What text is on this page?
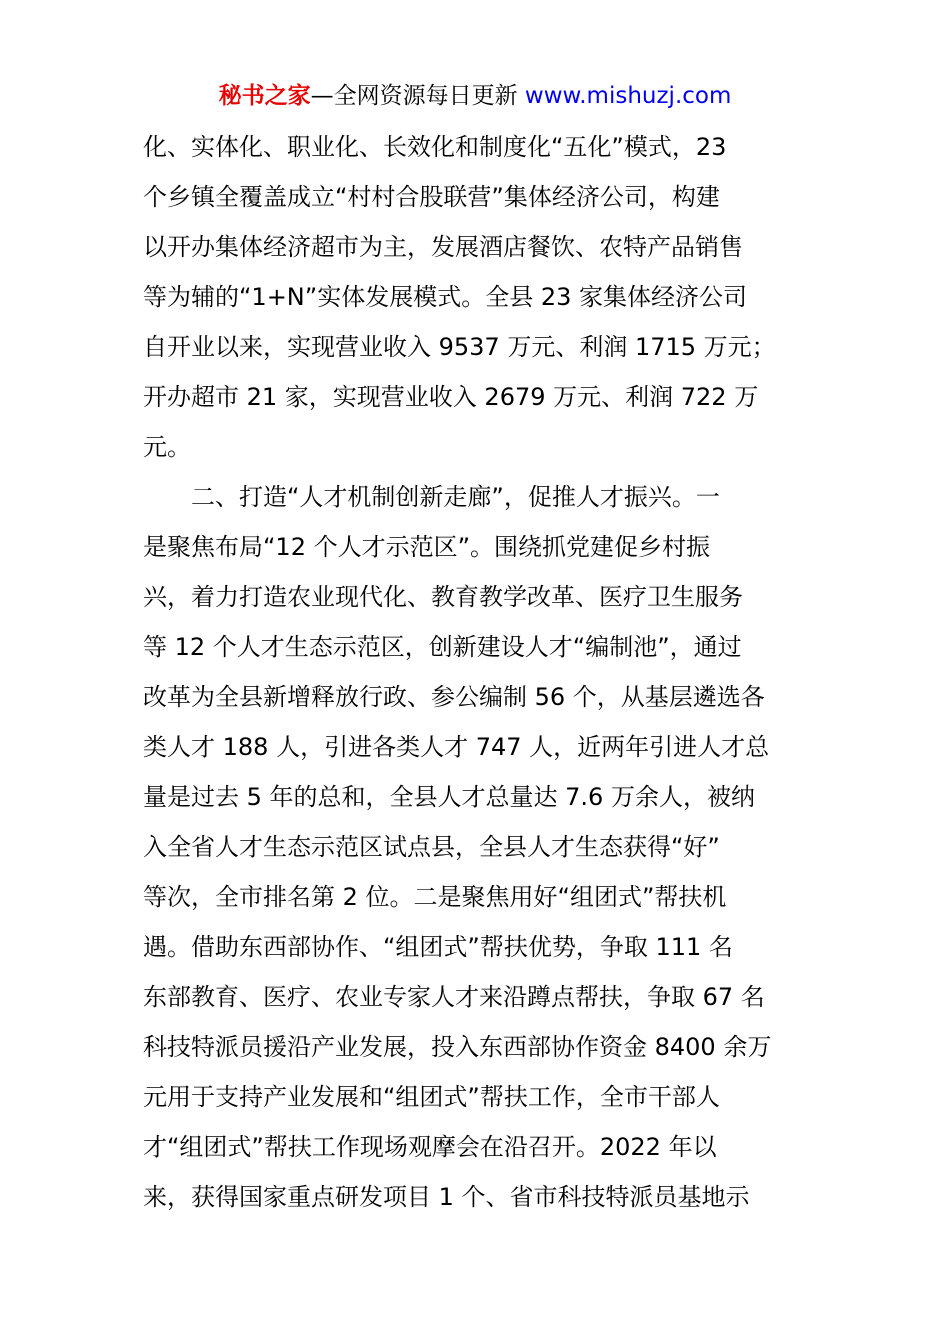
秘书之家—全网资源每日更新 www.mishuzj.com
化、实体化、职业化、长效化和制度化“五化”模式，23
个乡镇全覆盖成立“村村合股联营”集体经济公司，构建
以开办集体经济超市为主，发展酒店餐饮、农特产品销售
等为辅的“1+N”实体发展模式。全县 23 家集体经济公司
自开业以来，实现营业收入 9537 万元、利润 1715 万元；
开办超市 21 家，实现营业收入 2679 万元、利润 722 万
元。
　　二、打造“人才机制创新走廊”，促推人才振兴。一
是聚焦布局“12 个人才示范区”。围绕抓党建促乡村振
兴，着力打造农业现代化、教育教学改革、医疗卫生服务
等 12 个人才生态示范区，创新建设人才“编制池”，通过
改革为全县新增释放行政、参公编制 56 个，从基层遴选各
类人才 188 人，引进各类人才 747 人，近两年引进人才总
量是过去 5 年的总和，全县人才总量达 7.6 万余人，被纳
入全省人才生态示范区试点县，全县人才生态获得“好”
等次，全市排名第 2 位。二是聚焦用好“组团式”帮扶机
遇。借助东西部协作、“组团式”帮扶优势，争取 111 名
东部教育、医疗、农业专家人才来沿蹲点帮扶，争取 67 名
科技特派员援沿产业发展，投入东西部协作资金 8400 余万
元用于支持产业发展和“组团式”帮扶工作，全市干部人
才“组团式”帮扶工作现场观摩会在沿召开。2022 年以
来，获得国家重点研发项目 1 个、省市科技特派员基地示
